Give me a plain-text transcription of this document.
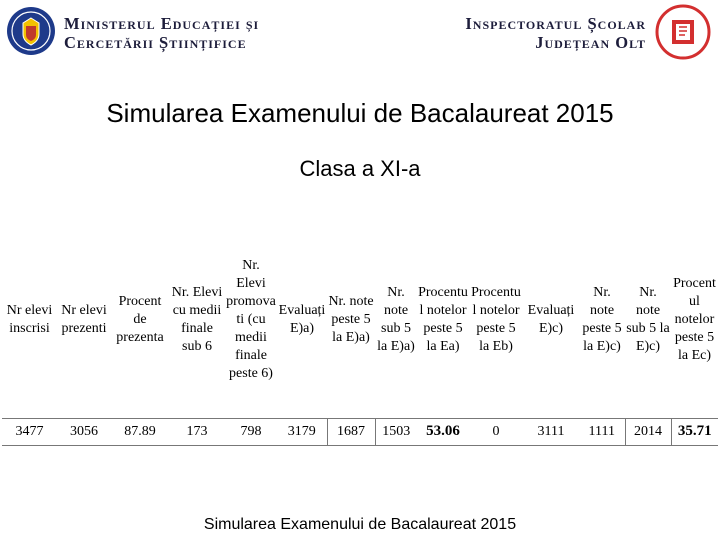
Ministerul Educației și
Cercetării Științifice
Inspectoratul Școlar
Județean Olt
Simularea Examenului de Bacalaureat 2015
Clasa a XI-a
Nr elevi inscrisi	Nr elevi prezenti	Procent de prezenta	Nr. Elevi cu medii finale sub 6	Nr. Elevi promovati (cu medii finale peste 6)	Evaluați E)a)	Nr. note peste 5 la E)a)	Nr. note sub 5 la E)a)	Procentul notelor peste 5 la Ea)	Procentul notelor peste 5 la Eb)	Evaluați E)c)	Nr. note peste 5 la E)c)	Nr. note sub 5 la E)c)	Procentul notelor peste 5 la Ec)
3477	3056	87.89	173	798	3179	1687	1503	53.06	0	3111	1111	2014	35.71
Simularea Examenului de Bacalaureat 2015
